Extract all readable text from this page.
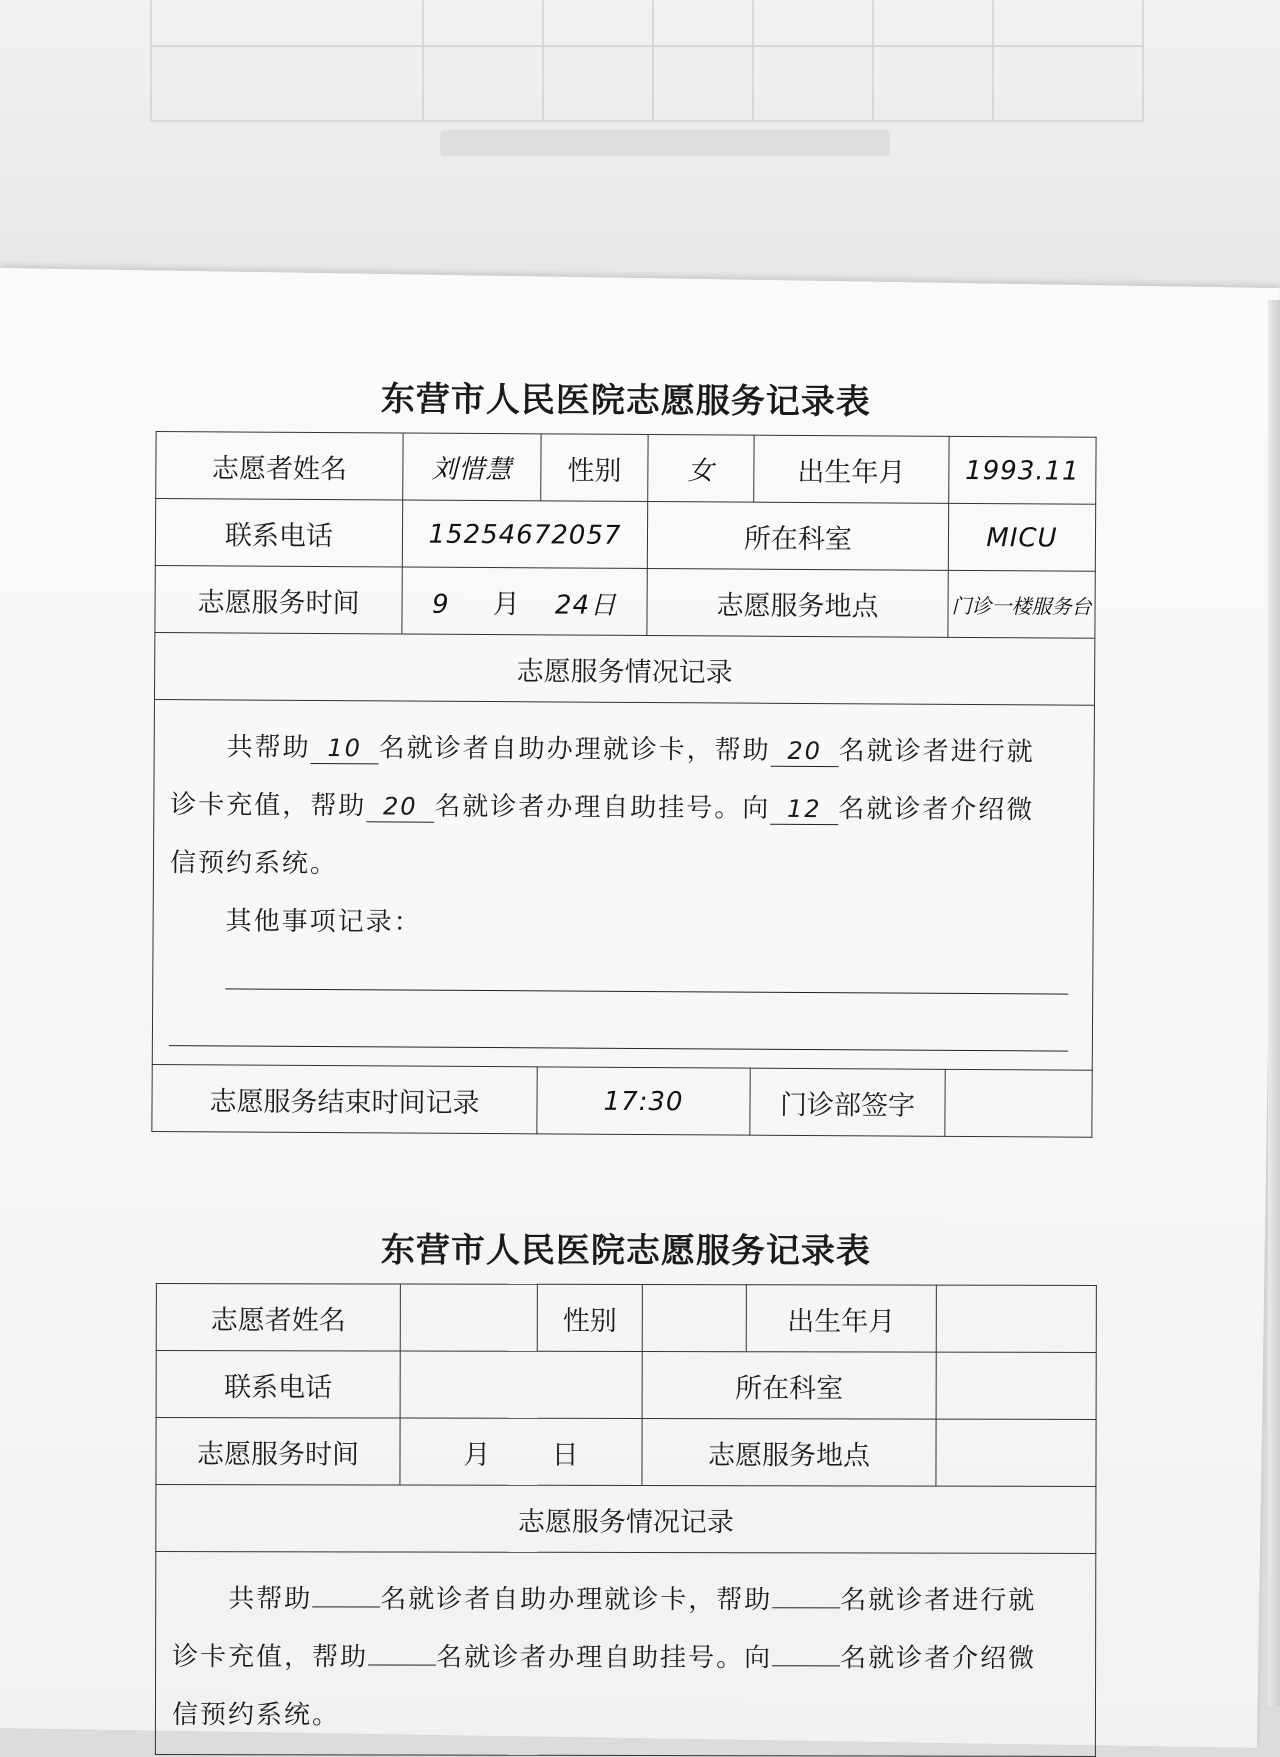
东营市人民医院志愿服务记录表
志愿者姓名	刘惜慧	性别	女	出生年月	1993.11
联系电话	15254672057		所在科室		MICU
志愿服务时间	9 月 24日		志愿服务地点		门诊一楼服务台
志愿服务情况记录					

共帮助 10 名就诊者自助办理就诊卡，帮助 20 名就诊者进行就
诊卡充值，帮助 20 名就诊者办理自助挂号。向 12 名就诊者介绍微
信预约系统。
其他事项记录：					

志愿服务结束时间记录		17:30		门诊部签字	
东营市人民医院志愿服务记录表
志愿者姓名		性别		出生年月	
联系电话			所在科室		
志愿服务时间	月 日		志愿服务地点		
志愿服务情况记录					

共帮助 名就诊者自助办理就诊卡，帮助 名就诊者进行就
诊卡充值，帮助 名就诊者办理自助挂号。向 名就诊者介绍微
信预约系统。					
